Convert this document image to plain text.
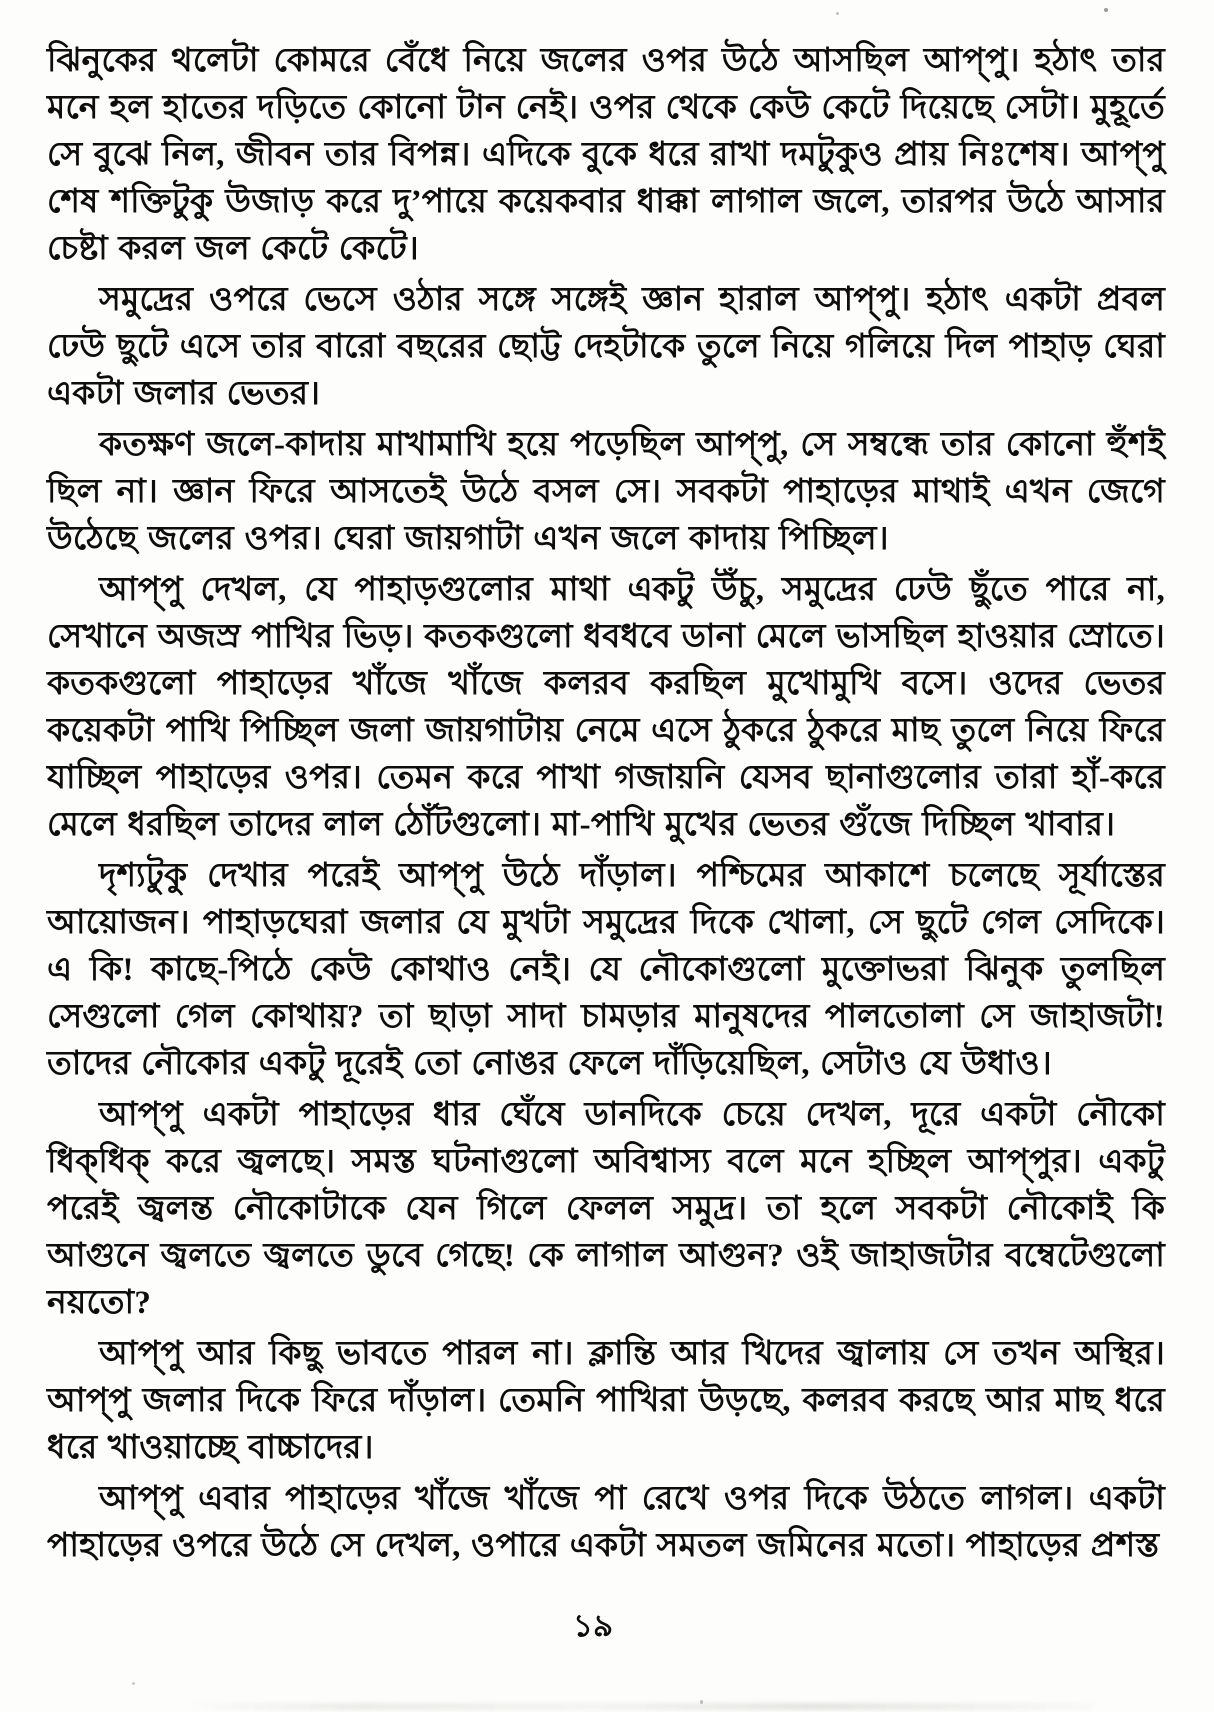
ঝিনুকের থলেটা কোমরে বেঁধে নিয়ে জলের ওপর উঠে আসছিল আপ্‌পু। হঠাৎ তার মনে হল হাতের দড়িতে কোনো টান নেই। ওপর থেকে কেউ কেটে দিয়েছে সেটা। মুহূর্তে সে বুঝে নিল, জীবন তার বিপন্ন। এদিকে বুকে ধরে রাখা দমটুকুও প্রায় নিঃশেষ। আপ্‌পু শেষ শক্তিটুকু উজাড় করে দু’পায়ে কয়েকবার ধাক্কা লাগাল জলে, তারপর উঠে আসার চেষ্টা করল জল কেটে কেটে।

সমুদ্রের ওপরে ভেসে ওঠার সঙ্গে সঙ্গেই জ্ঞান হারাল আপ্‌পু। হঠাৎ একটা প্রবল ঢেউ ছুটে এসে তার বারো বছরের ছোট্ট দেহটাকে তুলে নিয়ে গলিয়ে দিল পাহাড় ঘেরা একটা জলার ভেতর।

কতক্ষণ জলে-কাদায় মাখামাখি হয়ে পড়েছিল আপ্‌পু, সে সম্বন্ধে তার কোনো হুঁশই ছিল না। জ্ঞান ফিরে আসতেই উঠে বসল সে। সবকটা পাহাড়ের মাথাই এখন জেগে উঠেছে জলের ওপর। ঘেরা জায়গাটা এখন জলে কাদায় পিচ্ছিল।

আপ্‌পু দেখল, যে পাহাড়গুলোর মাথা একটু উঁচু, সমুদ্রের ঢেউ ছুঁতে পারে না, সেখানে অজস্র পাখির ভিড়। কতকগুলো ধবধবে ডানা মেলে ভাসছিল হাওয়ার স্রোতে। কতকগুলো পাহাড়ের খাঁজে খাঁজে কলরব করছিল মুখোমুখি বসে। ওদের ভেতর কয়েকটা পাখি পিচ্ছিল জলা জায়গাটায় নেমে এসে ঠুকরে ঠুকরে মাছ তুলে নিয়ে ফিরে যাচ্ছিল পাহাড়ের ওপর। তেমন করে পাখা গজায়নি যেসব ছানাগুলোর তারা হাঁ-করে মেলে ধরছিল তাদের লাল ঠোঁটগুলো। মা-পাখি মুখের ভেতর গুঁজে দিচ্ছিল খাবার।

দৃশ্যটুকু দেখার পরেই আপ্‌পু উঠে দাঁড়াল। পশ্চিমের আকাশে চলেছে সূর্যাস্তের আয়োজন। পাহাড়ঘেরা জলার যে মুখটা সমুদ্রের দিকে খোলা, সে ছুটে গেল সেদিকে। এ কি! কাছে-পিঠে কেউ কোথাও নেই। যে নৌকোগুলো মুক্তোভরা ঝিনুক তুলছিল সেগুলো গেল কোথায়? তা ছাড়া সাদা চামড়ার মানুষদের পালতোলা সে জাহাজটা! তাদের নৌকোর একটু দূরেই তো নোঙর ফেলে দাঁড়িয়েছিল, সেটাও যে উধাও।

আপ্‌পু একটা পাহাড়ের ধার ঘেঁষে ডানদিকে চেয়ে দেখল, দূরে একটা নৌকো ধিক্‌ধিক্ করে জ্বলছে। সমস্ত ঘটনাগুলো অবিশ্বাস্য বলে মনে হচ্ছিল আপ্‌পুর। একটু পরেই জ্বলন্ত নৌকোটাকে যেন গিলে ফেলল সমুদ্র। তা হলে সবকটা নৌকোই কি আগুনে জ্বলতে জ্বলতে ডুবে গেছে! কে লাগাল আগুন? ওই জাহাজটার বম্বেটেগুলো নয়তো?

আপ্‌পু আর কিছু ভাবতে পারল না। ক্লান্তি আর খিদের জ্বালায় সে তখন অস্থির। আপ্‌পু জলার দিকে ফিরে দাঁড়াল। তেমনি পাখিরা উড়ছে, কলরব করছে আর মাছ ধরে ধরে খাওয়াচ্ছে বাচ্চাদের।

আপ্‌পু এবার পাহাড়ের খাঁজে খাঁজে পা রেখে ওপর দিকে উঠতে লাগল। একটা পাহাড়ের ওপরে উঠে সে দেখল, ওপারে একটা সমতল জমিনের মতো। পাহাড়ের প্রশস্ত

১৯
